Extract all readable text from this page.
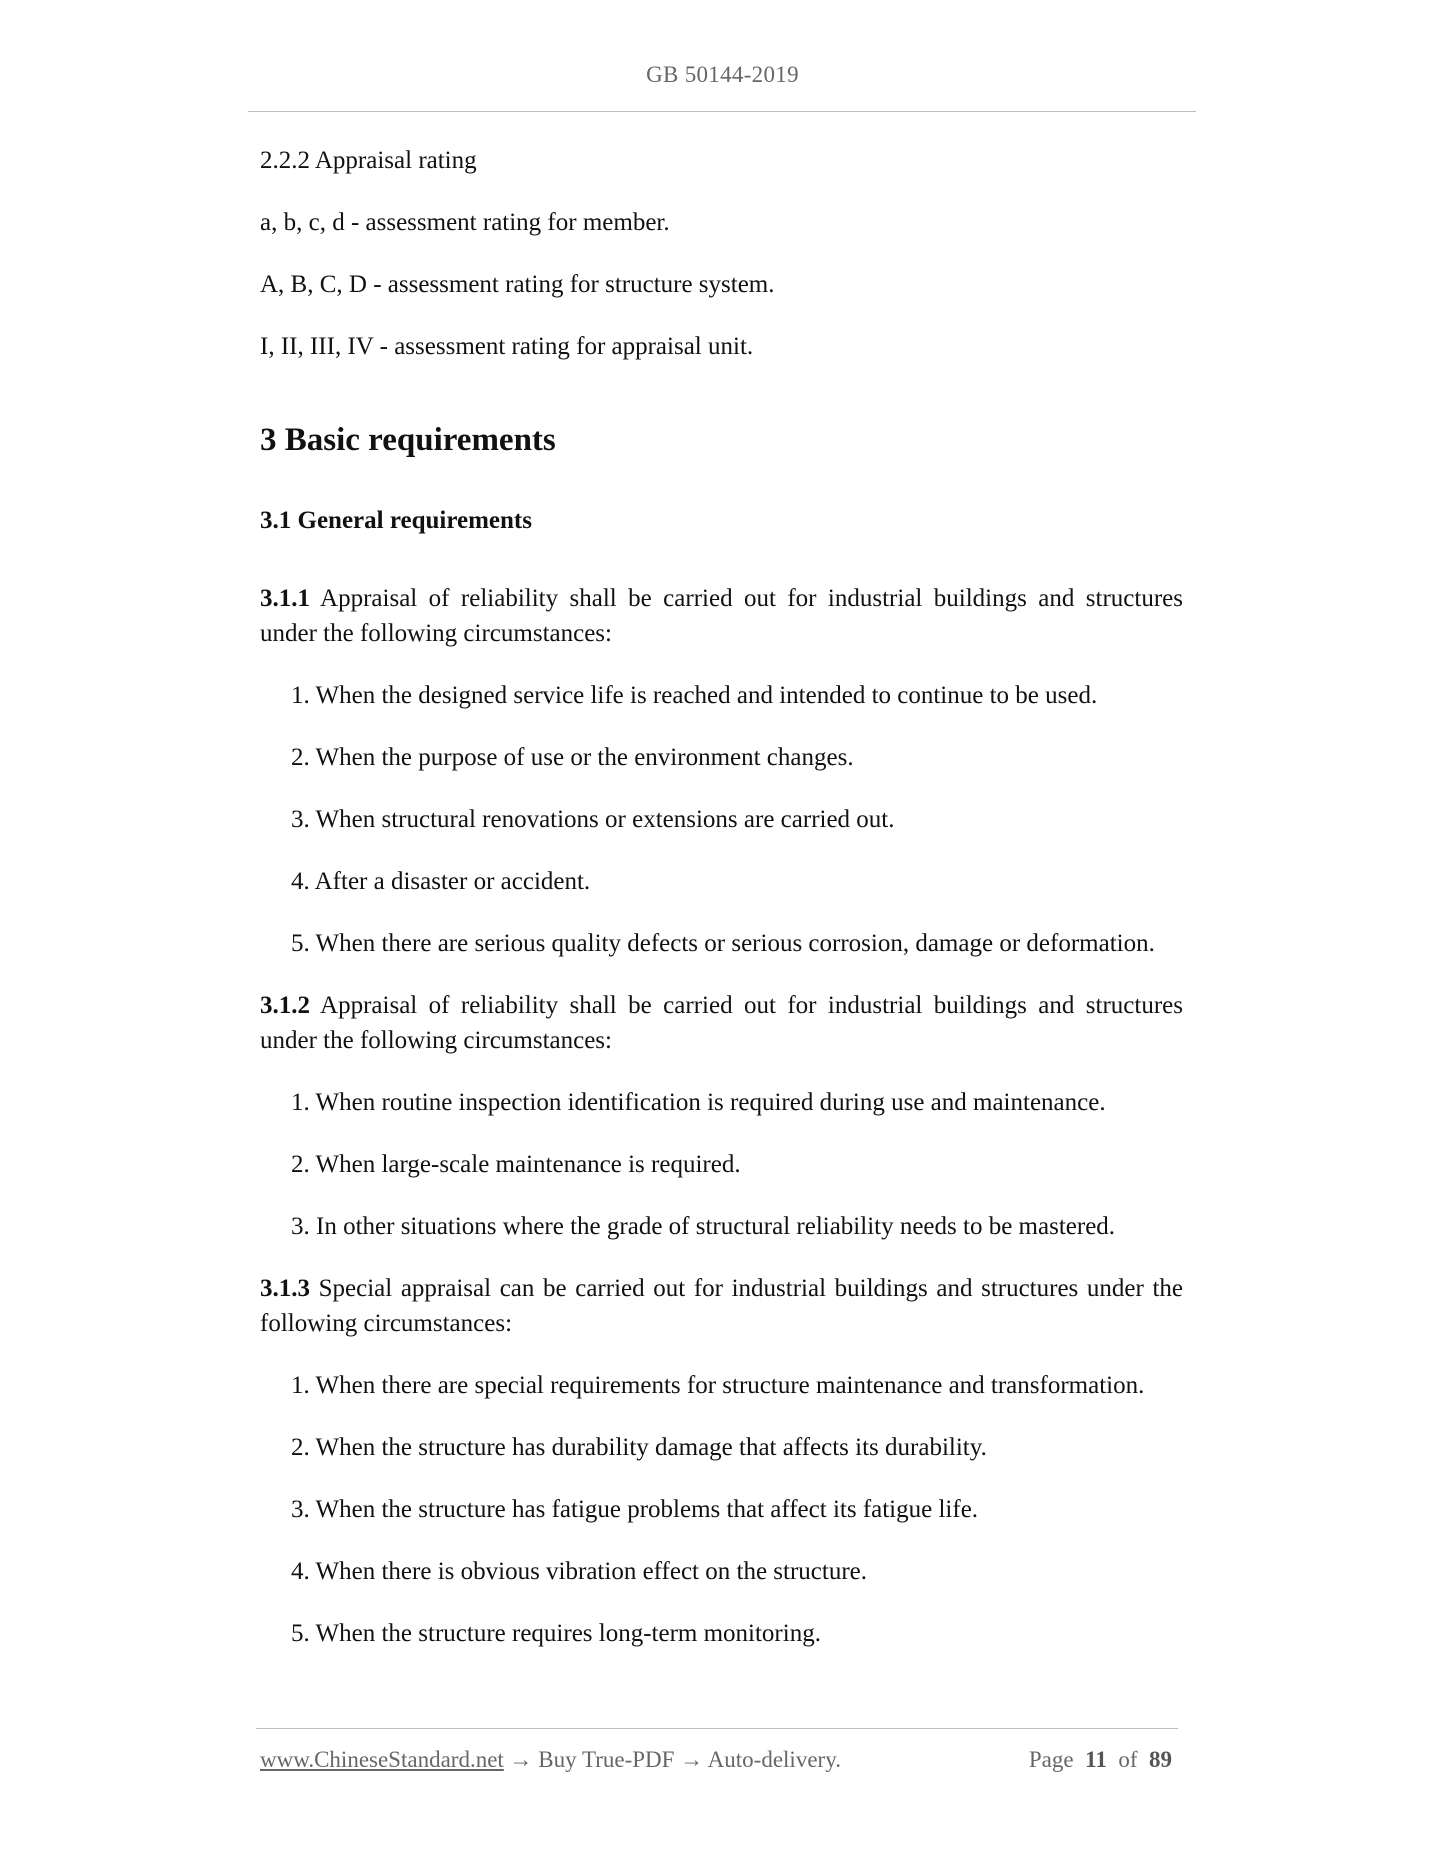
GB 50144-2019
2.2.2 Appraisal rating
a, b, c, d - assessment rating for member.
A, B, C, D - assessment rating for structure system.
I, II, III, IV - assessment rating for appraisal unit.
3 Basic requirements
3.1 General requirements
3.1.1 Appraisal of reliability shall be carried out for industrial buildings and structures under the following circumstances:
1. When the designed service life is reached and intended to continue to be used.
2. When the purpose of use or the environment changes.
3. When structural renovations or extensions are carried out.
4. After a disaster or accident.
5. When there are serious quality defects or serious corrosion, damage or deformation.
3.1.2 Appraisal of reliability shall be carried out for industrial buildings and structures under the following circumstances:
1. When routine inspection identification is required during use and maintenance.
2. When large-scale maintenance is required.
3. In other situations where the grade of structural reliability needs to be mastered.
3.1.3 Special appraisal can be carried out for industrial buildings and structures under the following circumstances:
1. When there are special requirements for structure maintenance and transformation.
2. When the structure has durability damage that affects its durability.
3. When the structure has fatigue problems that affect its fatigue life.
4. When there is obvious vibration effect on the structure.
5. When the structure requires long-term monitoring.
www.ChineseStandard.net → Buy True-PDF → Auto-delivery.	Page 11 of 89
